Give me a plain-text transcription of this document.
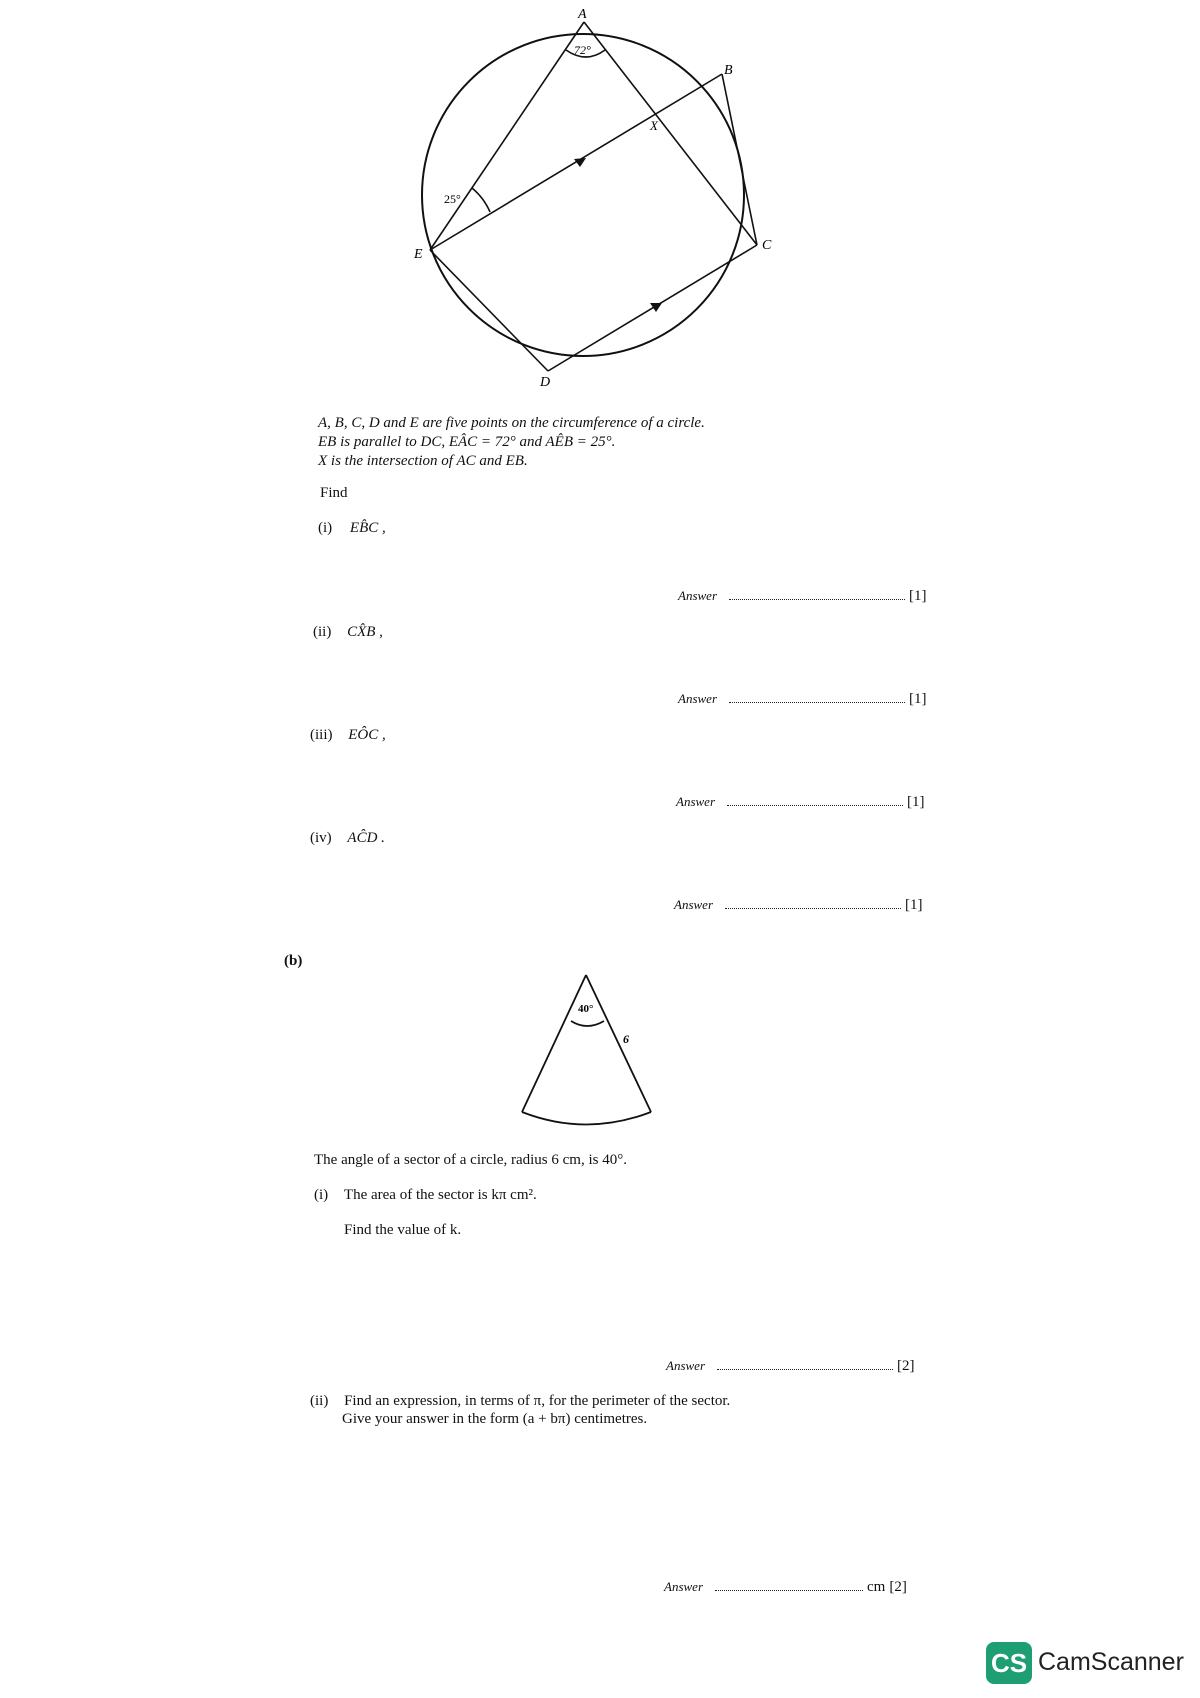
A
B
C
D
E
X
72°
25°
A, B, C, D and E are five points on the circumference of a circle.
EB is parallel to DC, EÂC = 72° and AÊB = 25°.
X is the intersection of AC and EB.
Find
(i) EB̂C ,
Answer	[1]
(ii) CX̂B ,
Answer	[1]
(iii) EÔC ,
Answer	[1]
(iv) AĈD .
Answer	[1]
(b)
40°
6
The angle of a sector of a circle, radius 6 cm, is 40°.
(i) The area of the sector is kπ cm².
Find the value of k.
Answer	[2]
(ii) Find an expression, in terms of π, for the perimeter of the sector.
Give your answer in the form (a + bπ) centimetres.
Answer	cm [2]
CS CamScanner
